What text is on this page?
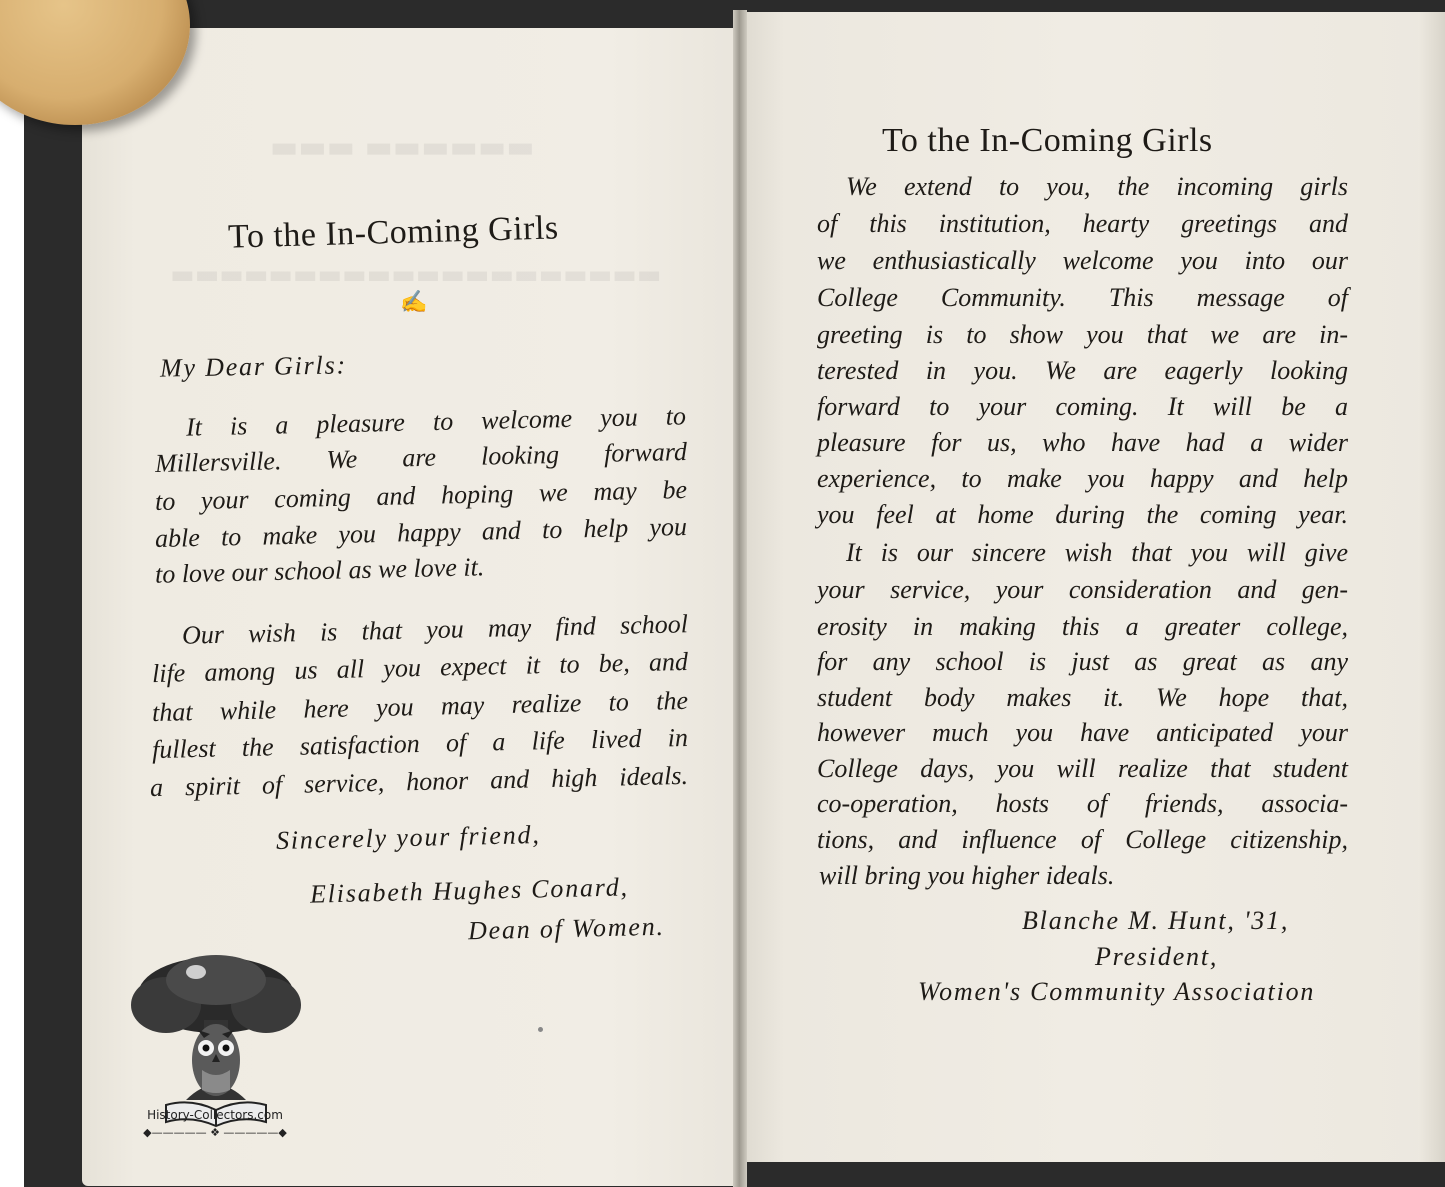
▬▬▬ ▬▬▬▬▬▬
▬▬▬▬▬▬▬▬▬▬▬▬▬▬▬▬▬▬▬▬
To the In-Coming Girls
✍
My Dear Girls:
It is a pleasure to welcome you to
Millersville. We are looking forward
to your coming and hoping we may be
able to make you happy and to help you
to love our school as we love it.
Our wish is that you may find school
life among us all you expect it to be, and
that while here you may realize to the
fullest the satisfaction of a life lived in
a spirit of service, honor and high ideals.
Sincerely your friend,
Elisabeth Hughes Conard,
Dean of Women.
To the In-Coming Girls
We extend to you, the incoming girls
of this institution, hearty greetings and
we enthusiastically welcome you into our
College Community. This message of
greeting is to show you that we are in-
terested in you. We are eagerly looking
forward to your coming. It will be a
pleasure for us, who have had a wider
experience, to make you happy and help
you feel at home during the coming year.
It is our sincere wish that you will give
your service, your consideration and gen-
erosity in making this a greater college,
for any school is just as great as any
student body makes it. We hope that,
however much you have anticipated your
College days, you will realize that student
co-operation, hosts of friends, associa-
tions, and influence of College citizenship,
will bring you higher ideals.
Blanche M. Hunt, '31,
President,
Women's Community Association
History-Collectors.com
◆————— ❖ —————◆
